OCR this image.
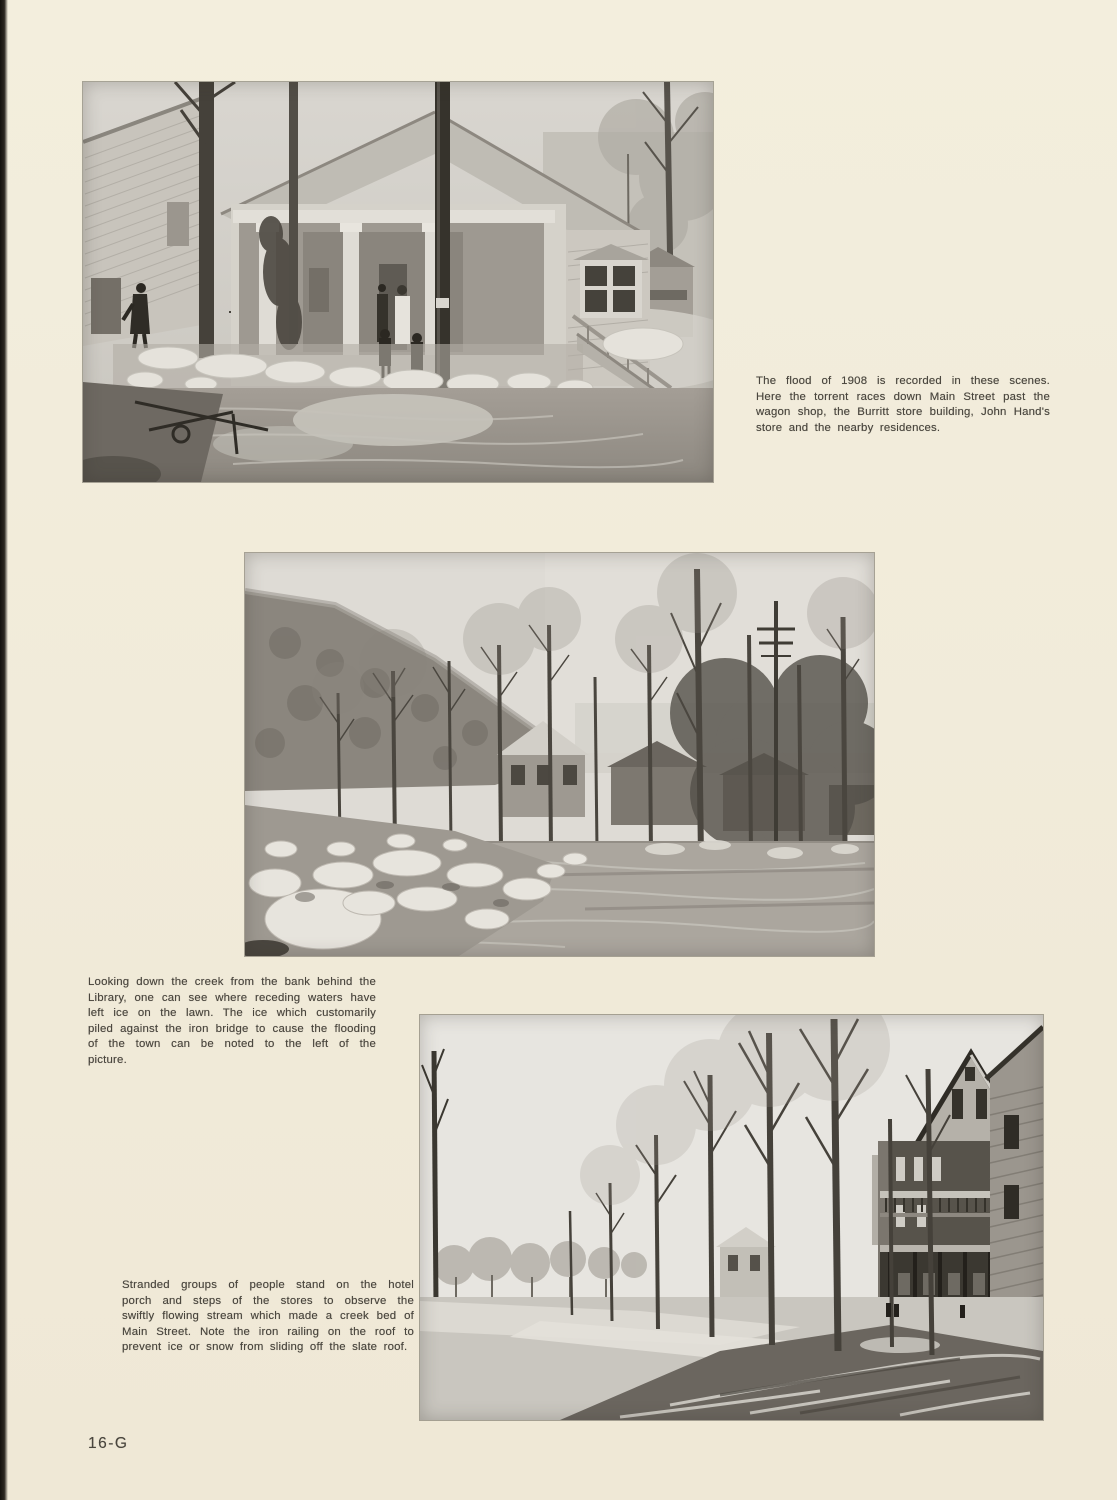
The flood of 1908 is recorded in these scenes. Here the torrent races down Main Street past the wagon shop, the Burritt store building, John Hand's store and the nearby residences.

Looking down the creek from the bank behind the Library, one can see where receding waters have left ice on the lawn. The ice which customarily piled against the iron bridge to cause the flooding of the town can be noted to the left of the picture.

Stranded groups of people stand on the hotel porch and steps of the stores to observe the swiftly flowing stream which made a creek bed of Main Street. Note the iron railing on the roof to prevent ice or snow from sliding off the slate roof.

16-G
